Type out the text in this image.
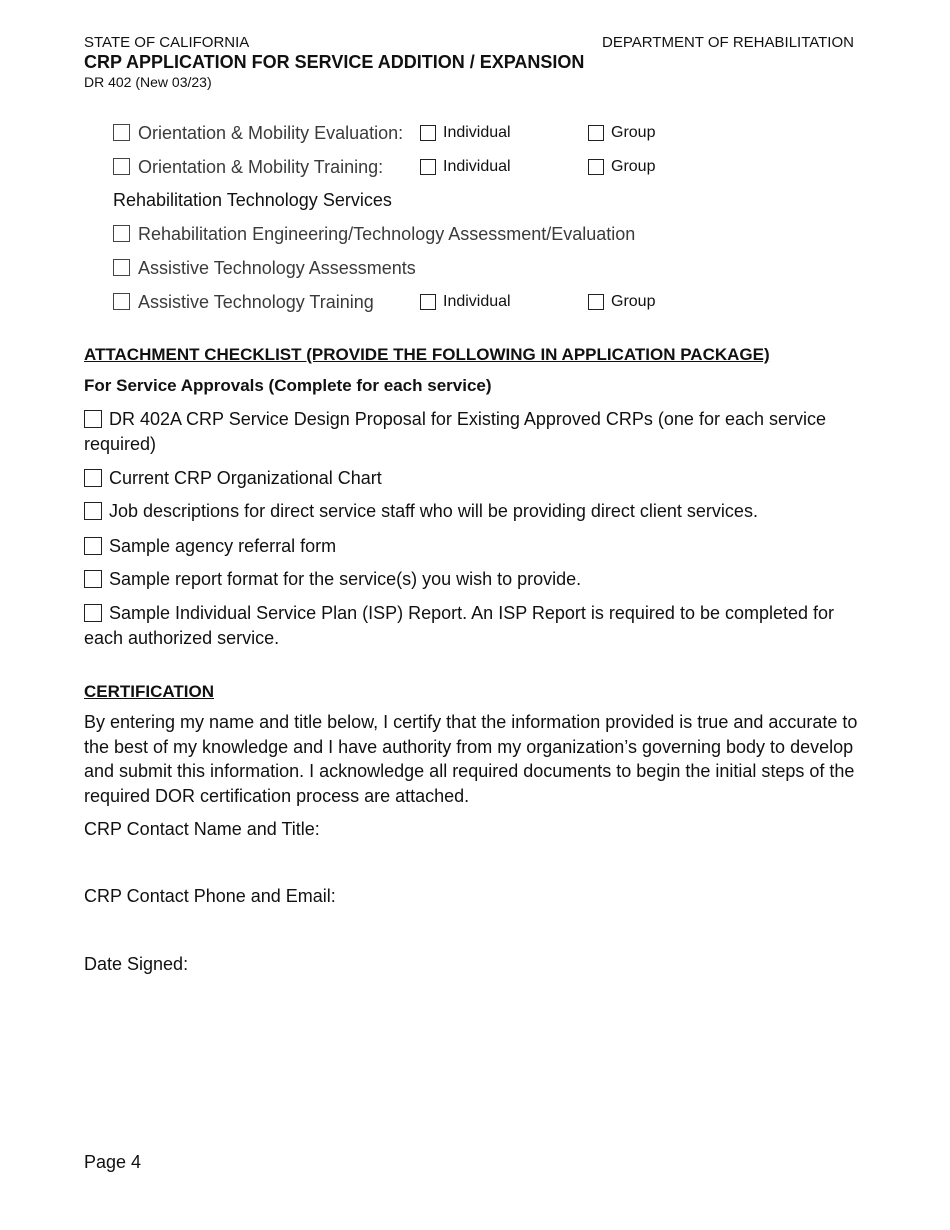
STATE OF CALIFORNIA	DEPARTMENT OF REHABILITATION
CRP APPLICATION FOR SERVICE ADDITION / EXPANSION
DR 402 (New 03/23)
Orientation & Mobility Evaluation: Individual	Group
Orientation & Mobility Training:	Individual	Group
Rehabilitation Technology Services
Rehabilitation Engineering/Technology Assessment/Evaluation
Assistive Technology Assessments
Assistive Technology Training	Individual	Group
ATTACHMENT CHECKLIST (PROVIDE THE FOLLOWING IN APPLICATION PACKAGE)
For Service Approvals (Complete for each service)
DR 402A CRP Service Design Proposal for Existing Approved CRPs (one for each service required)
Current CRP Organizational Chart
Job descriptions for direct service staff who will be providing direct client services.
Sample agency referral form
Sample report format for the service(s) you wish to provide.
Sample Individual Service Plan (ISP) Report. An ISP Report is required to be completed for each authorized service.
CERTIFICATION
By entering my name and title below, I certify that the information provided is true and accurate to the best of my knowledge and I have authority from my organization’s governing body to develop and submit this information. I acknowledge all required documents to begin the initial steps of the required DOR certification process are attached.
CRP Contact Name and Title:
CRP Contact Phone and Email:
Date Signed:
Page 4
